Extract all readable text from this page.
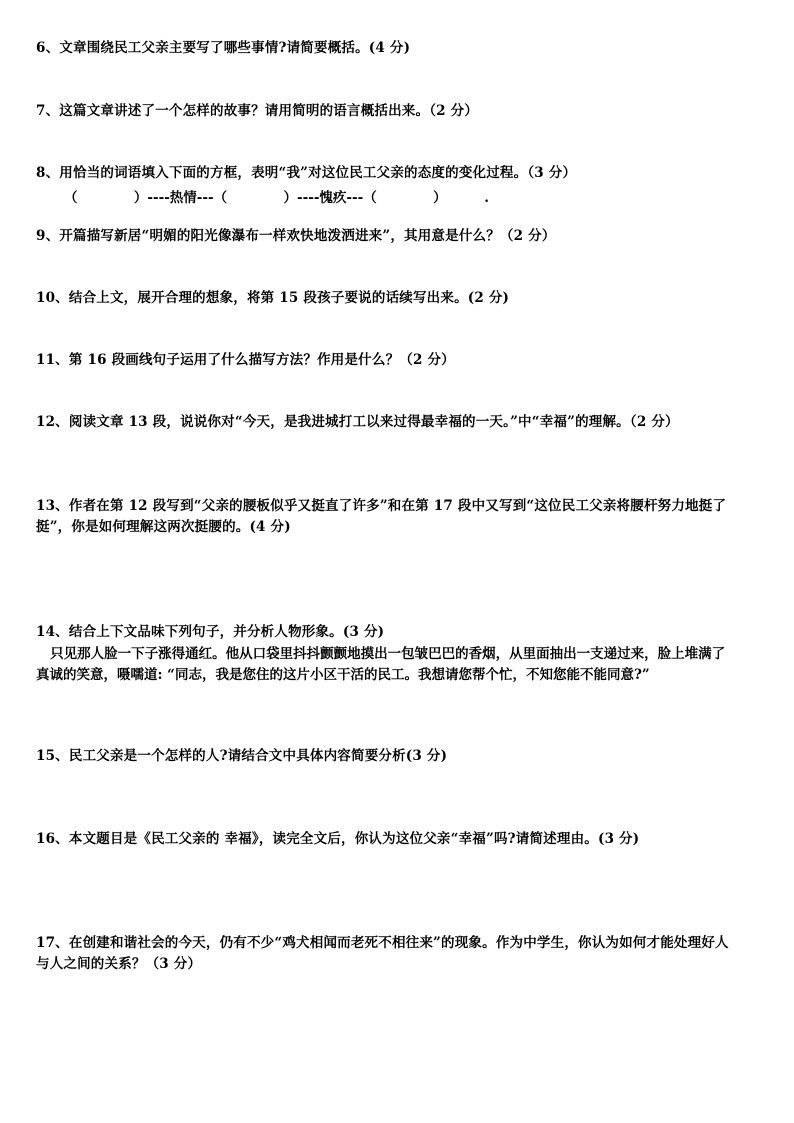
6、文章围绕民工父亲主要写了哪些事情?请简要概括。(4 分)

7、这篇文章讲述了一个怎样的故事？请用简明的语言概括出来。（2 分）

8、用恰当的词语填入下面的方框，表明“我”对这位民工父亲的态度的变化过程。（3 分）

（            ）----热情---（            ）----愧疚---（            ）        .

9、开篇描写新居“明媚的阳光像瀑布一样欢快地泼洒进来”，其用意是什么？（2 分）

10、结合上文，展开合理的想象，将第 15 段孩子要说的话续写出来。(2 分)

11、第 16 段画线句子运用了什么描写方法？作用是什么？（2 分）

12、阅读文章 13 段，说说你对“今天，是我进城打工以来过得最幸福的一天。”中“幸福”的理解。（2 分）

13、作者在第 12 段写到“父亲的腰板似乎又挺直了许多”和在第 17 段中又写到“这位民工父亲将腰杆努力地挺了
挺”，你是如何理解这两次挺腰的。(4 分)

14、结合上下文品味下列句子，并分析人物形象。(3 分)

只见那人脸一下子涨得通红。他从口袋里抖抖颤颤地摸出一包皱巴巴的香烟，从里面抽出一支递过来，脸上堆满了
真诚的笑意，嗫嚅道: “同志，我是您住的这片小区干活的民工。我想请您帮个忙，不知您能不能同意?”

15、民工父亲是一个怎样的人?请结合文中具体内容简要分析(3 分)

16、本文题目是《民工父亲的 幸福》，读完全文后，你认为这位父亲“幸福”吗?请简述理由。(3 分)

17、在创建和谐社会的今天，仍有不少“鸡犬相闻而老死不相往来”的现象。作为中学生，你认为如何才能处理好人
与人之间的关系？（3 分）
